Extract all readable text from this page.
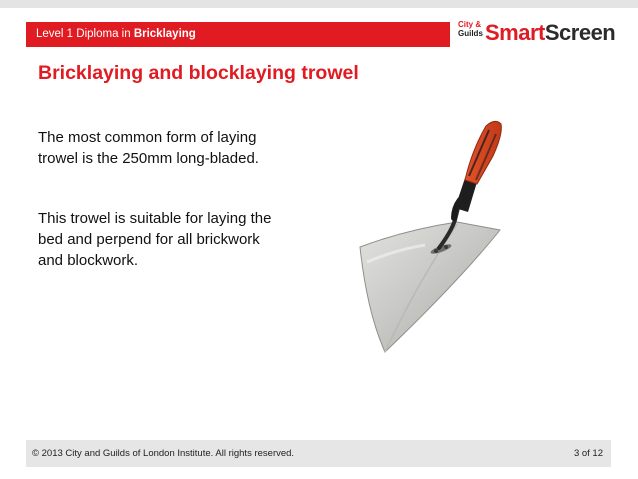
Level 1 Diploma in Bricklaying
City &
Guilds SmartScreen
Bricklaying and blocklaying trowel
The most common form of laying trowel is the 250mm long-bladed.
This trowel is suitable for laying the bed and perpend for all brickwork and blockwork.
© 2013 City and Guilds of London Institute. All rights reserved.	3 of 12
